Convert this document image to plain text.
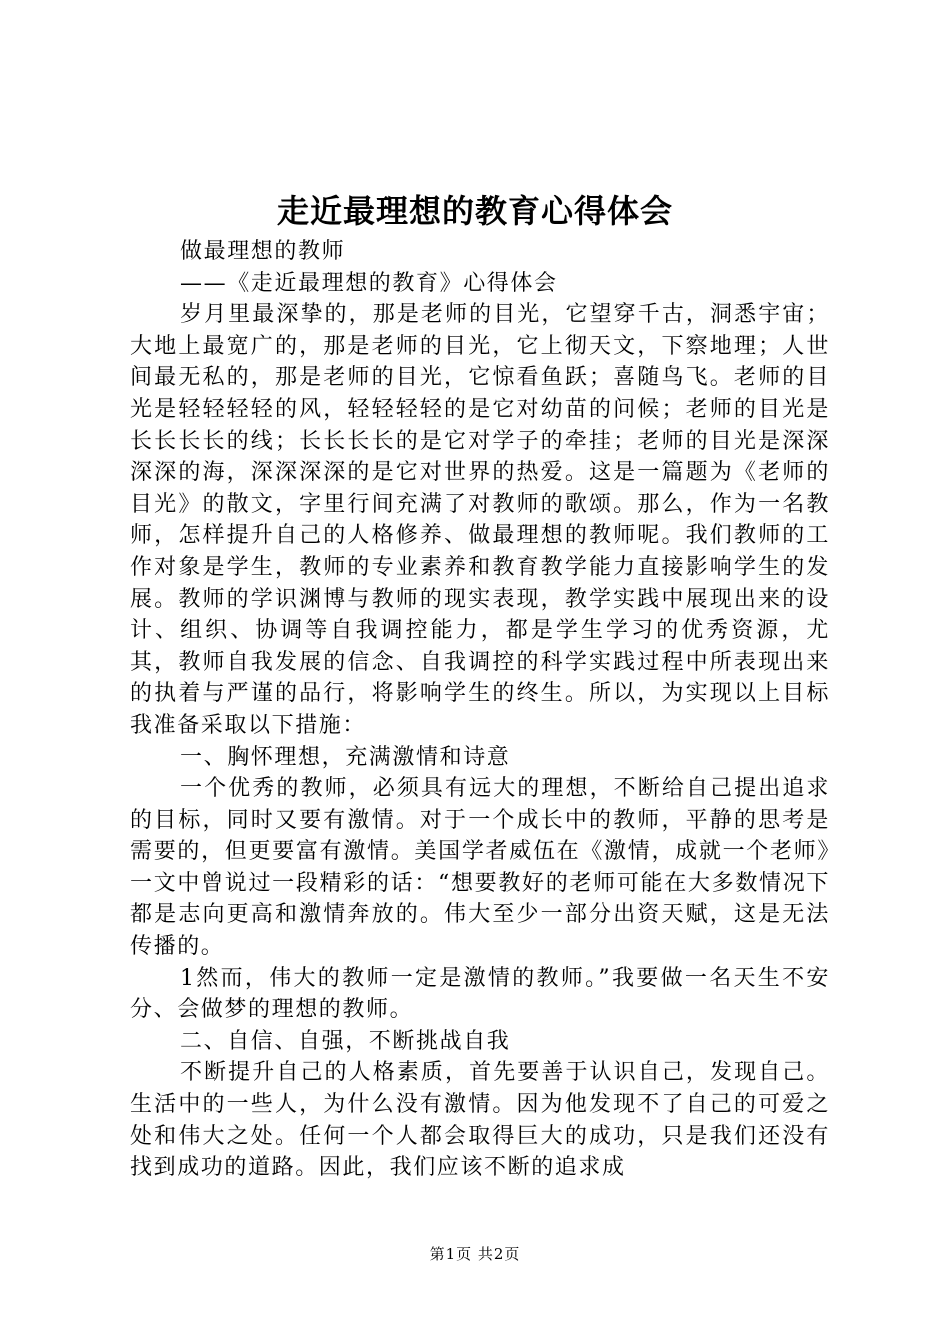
走近最理想的教育心得体会

做最理想的教师

——《走近最理想的教育》心得体会

岁月里最深挚的，那是老师的目光，它望穿千古，洞悉宇宙；大地上最宽广的，那是老师的目光，它上彻天文，下察地理；人世间最无私的，那是老师的目光，它惊看鱼跃；喜随鸟飞。老师的目光是轻轻轻轻的风，轻轻轻轻的是它对幼苗的问候；老师的目光是长长长长的线；长长长长的是它对学子的牵挂；老师的目光是深深深深的海，深深深深的是它对世界的热爱。这是一篇题为《老师的目光》的散文，字里行间充满了对教师的歌颂。那么，作为一名教师，怎样提升自己的人格修养、做最理想的教师呢。我们教师的工作对象是学生，教师的专业素养和教育教学能力直接影响学生的发展。教师的学识渊博与教师的现实表现，教学实践中展现出来的设计、组织、协调等自我调控能力，都是学生学习的优秀资源，尤其，教师自我发展的信念、自我调控的科学实践过程中所表现出来的执着与严谨的品行，将影响学生的终生。所以，为实现以上目标我准备采取以下措施：

一、胸怀理想，充满激情和诗意

一个优秀的教师，必须具有远大的理想，不断给自己提出追求的目标，同时又要有激情。对于一个成长中的教师，平静的思考是需要的，但更要富有激情。美国学者威伍在《激情，成就一个老师》一文中曾说过一段精彩的话：“想要教好的老师可能在大多数情况下都是志向更高和激情奔放的。伟大至少一部分出资天赋，这是无法传播的。

1然而，伟大的教师一定是激情的教师。”我要做一名天生不安分、会做梦的理想的教师。

二、自信、自强，不断挑战自我

不断提升自己的人格素质，首先要善于认识自己，发现自己。生活中的一些人，为什么没有激情。因为他发现不了自己的可爱之处和伟大之处。任何一个人都会取得巨大的成功，只是我们还没有找到成功的道路。因此，我们应该不断的追求成

第1页 共2页
